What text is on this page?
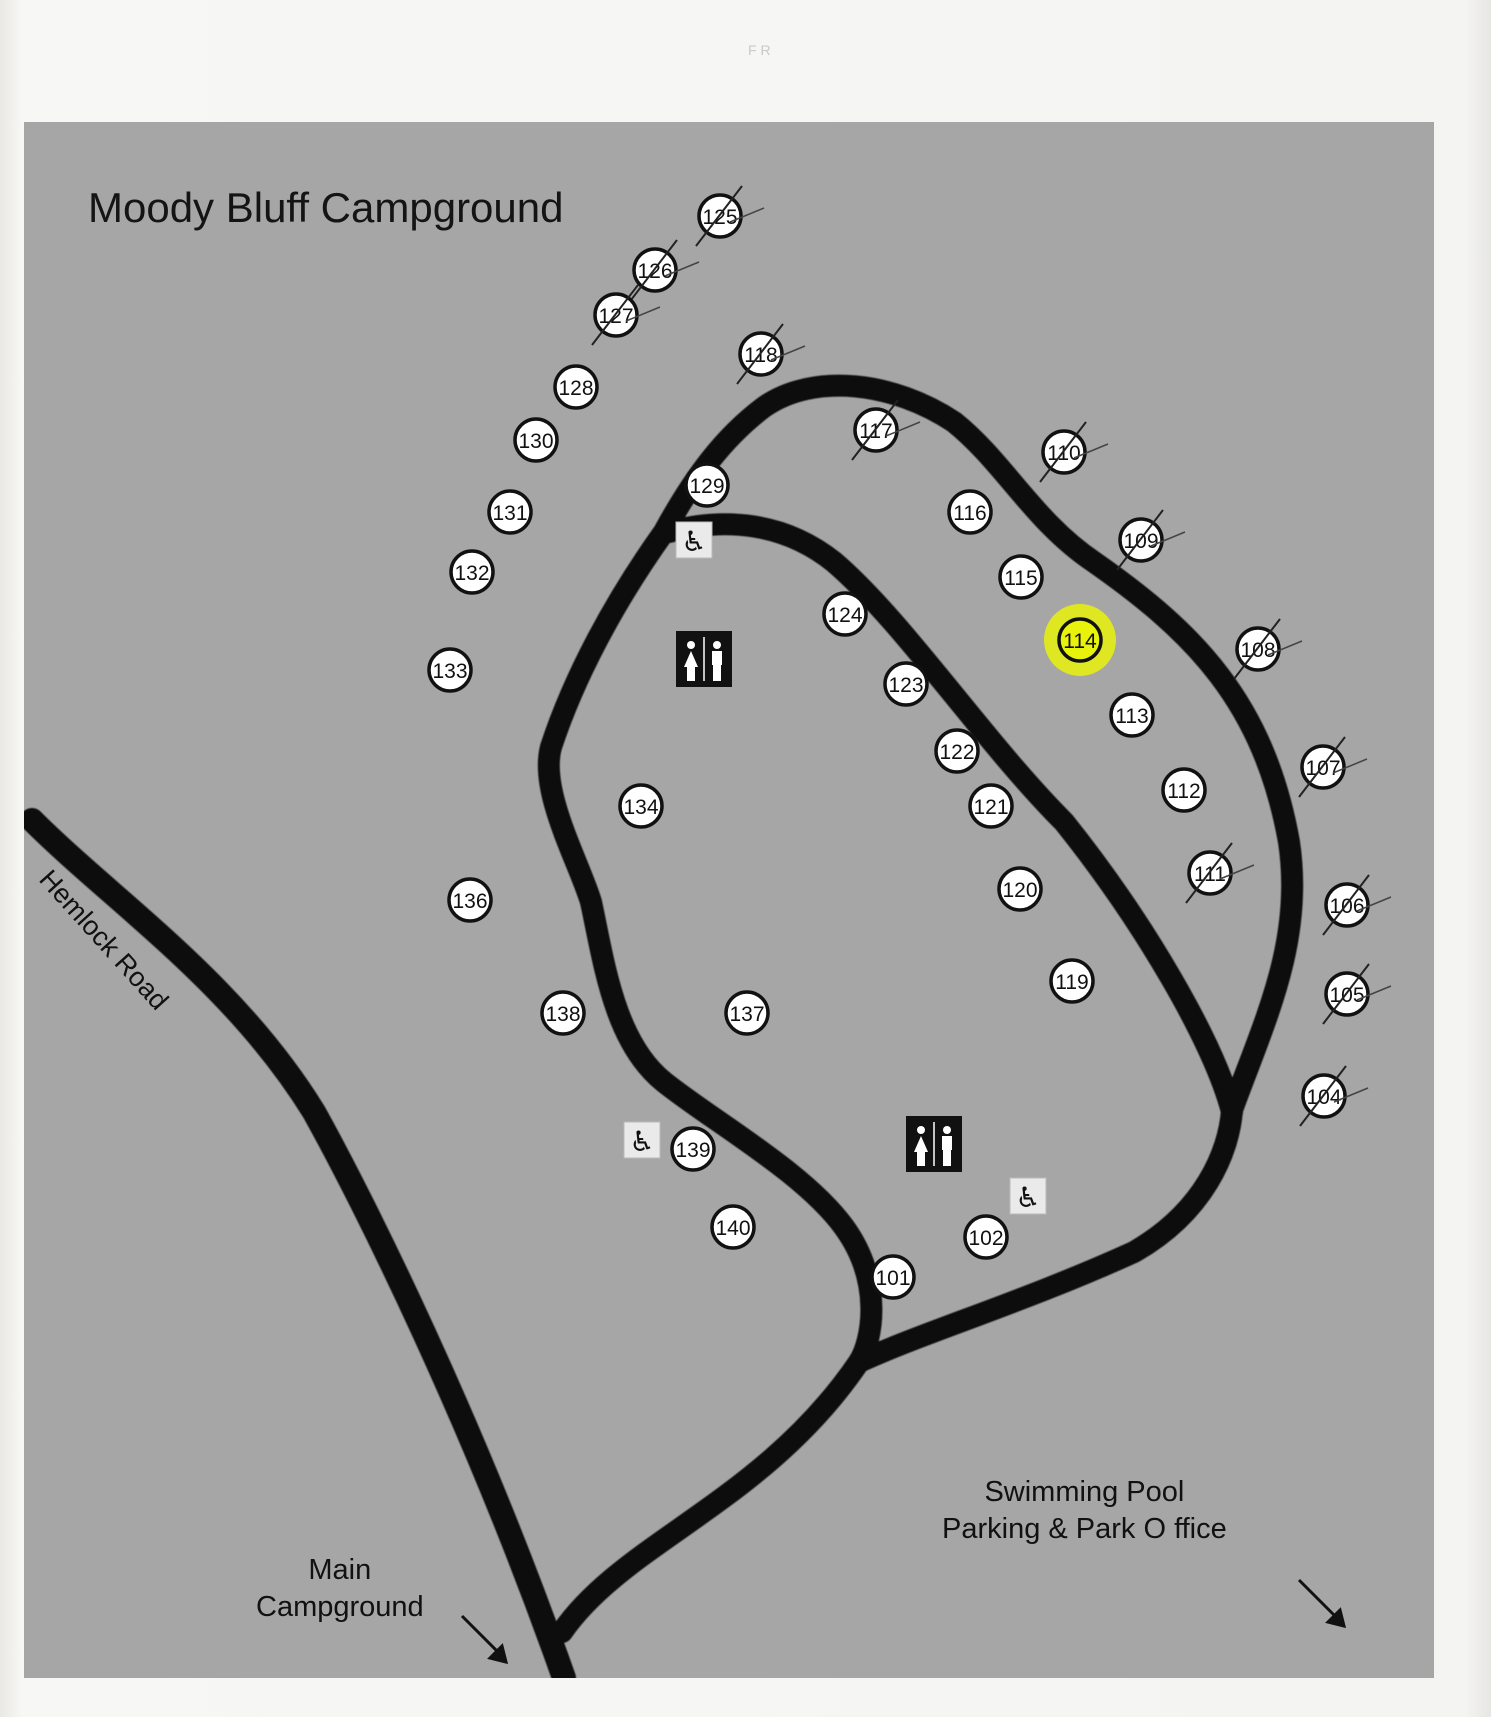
F R
125
126
127
118
128
130	117
110
129
131	116
109
132	115
124
114	108
133
123
113
122
107
112
121
134
111
136	120
106
119
105
138	137
104
139
140	102
101
♿
♿
♿
Moody Bluff Campground
Hemlock Road
Main
Campground
Swimming Pool
Parking & Park O ffice
